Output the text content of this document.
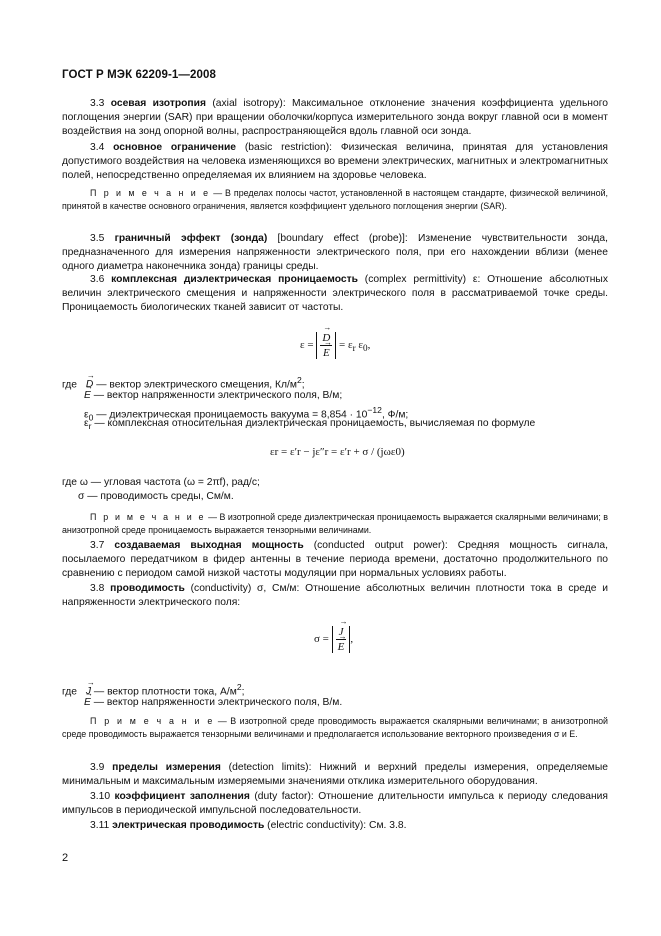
ГОСТ Р МЭК 62209-1—2008
3.3 осевая изотропия (axial isotropy): Максимальное отклонение значения коэффициента удельного поглощения энергии (SAR) при вращении оболочки/корпуса измерительного зонда вокруг главной оси в момент воздействия на зонд опорной волны, распространяющейся вдоль главной оси зонда.
3.4 основное ограничение (basic restriction): Физическая величина, принятая для установления допустимого воздействия на человека изменяющихся во времени электрических, магнитных и электромагнитных полей, непосредственно определяемая их влиянием на здоровье человека.
П р и м е ч а н и е — В пределах полосы частот, установленной в настоящем стандарте, физической величиной, принятой в качестве основного ограничения, является коэффициент удельного поглощения энергии (SAR).
3.5 граничный эффект (зонда) [boundary effect (probe)]: Изменение чувствительности зонда, предназначенного для измерения напряженности электрического поля, при его нахождении вблизи (менее одного диаметра наконечника зонда) границы среды.
3.6 комплексная диэлектрическая проницаемость (complex permittivity) ε: Отношение абсолютных величин электрического смещения и напряженности электрического поля в рассматриваемой точке среды. Проницаемость биологических тканей зависит от частоты.
ε = → D
→ $E = \varepsilon_r$ $\varepsilon_0$,
где → D — вектор электрического смещения, $Кл/м^2$;
→ E — вектор напряженности электрического поля, В/м;
$\varepsilon_0$ — диэлектрическая проницаемость вакуума = $8,854 \cdot 10^{-12}$, Ф/м;
$\varepsilon_r$ — комплексная относительная диэлектрическая проницаемость, вычисляемая по формуле
εr = ε′r − jε″r = ε′r + σ / (jωε0)
где ω — угловая частота (ω = 2πf), рад/с;
σ — проводимость среды, См/м.
П р и м е ч а н и е — В изотропной среде диэлектрическая проницаемость выражается скалярными величинами; в анизотропной среде проницаемость выражается тензорными величинами.
3.7 создаваемая выходная мощность (conducted output power): Средняя мощность сигнала, посылаемого передатчиком в фидер антенны в течение периода времени, достаточно продолжительного по сравнению с периодом самой низкой частоты модуляции при нормальных условиях работы.
3.8 проводимость (conductivity) σ, См/м: Отношение абсолютных величин плотности тока в среде и напряженности электрического поля:
σ = → J
→ E ,
где → J — вектор плотности тока, $А/м^2$;
→ E — вектор напряженности электрического поля, В/м.
П р и м е ч а н и е — В изотропной среде проводимость выражается скалярными величинами; в анизотропной среде проводимость выражается тензорными величинами и предполагается использование векторного произведения σ и E.
3.9 пределы измерения (detection limits): Нижний и верхний пределы измерения, определяемые минимальным и максимальным измеряемыми значениями отклика измерительного оборудования.
3.10 коэффициент заполнения (duty factor): Отношение длительности импульса к периоду следования импульсов в периодической импульсной последовательности.
3.11 электрическая проводимость (electric conductivity): См. 3.8.
2
